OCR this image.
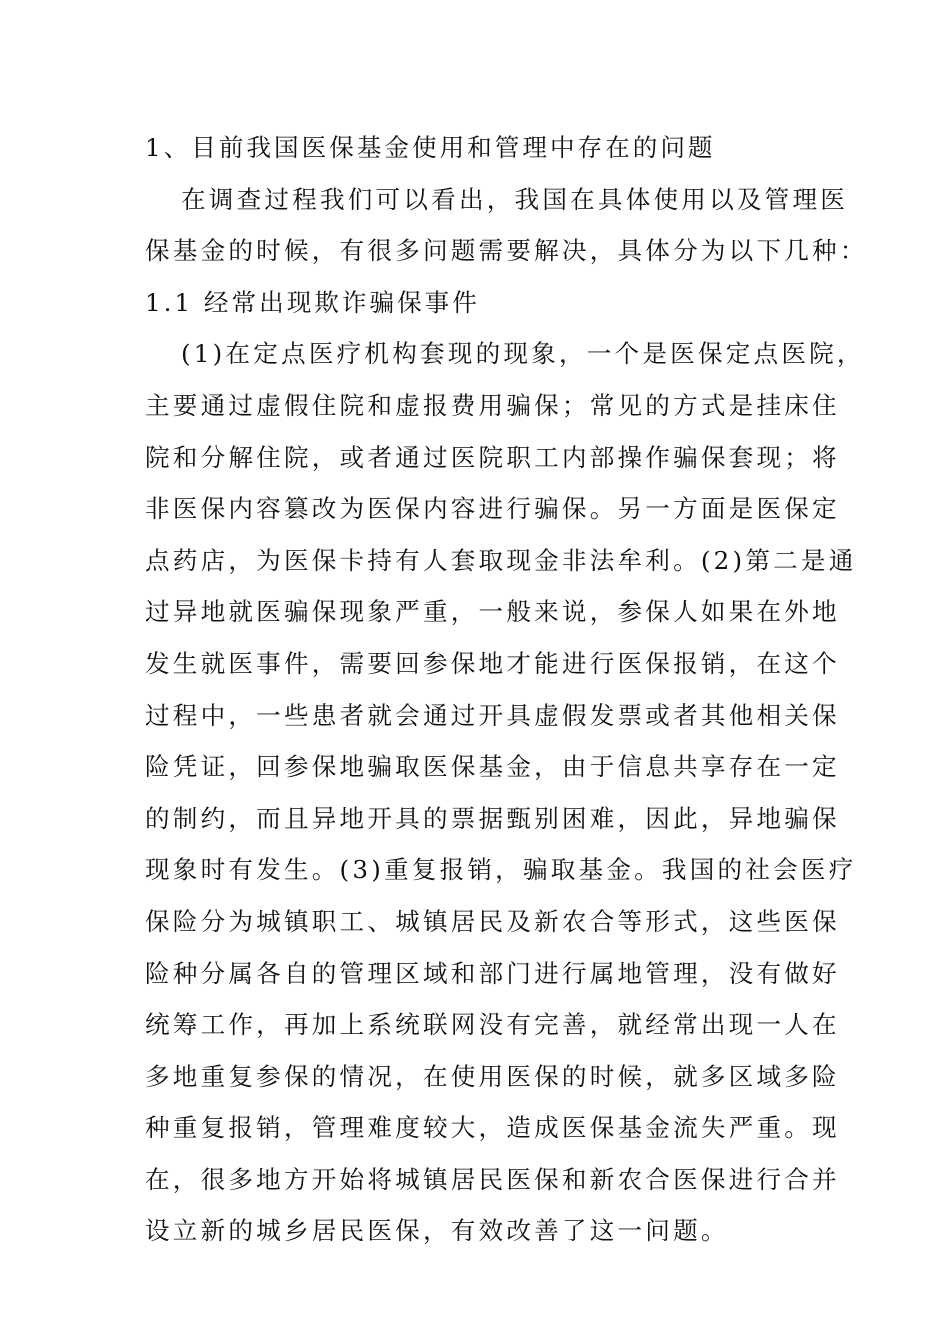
1、目前我国医保基金使用和管理中存在的问题
在调查过程我们可以看出，我国在具体使用以及管理医
保基金的时候，有很多问题需要解决，具体分为以下几种：
1.1 经常出现欺诈骗保事件
(1)在定点医疗机构套现的现象，一个是医保定点医院，
主要通过虚假住院和虚报费用骗保；常见的方式是挂床住
院和分解住院，或者通过医院职工内部操作骗保套现；将
非医保内容篡改为医保内容进行骗保。另一方面是医保定
点药店，为医保卡持有人套取现金非法牟利。(2)第二是通
过异地就医骗保现象严重，一般来说，参保人如果在外地
发生就医事件，需要回参保地才能进行医保报销，在这个
过程中，一些患者就会通过开具虚假发票或者其他相关保
险凭证，回参保地骗取医保基金，由于信息共享存在一定
的制约，而且异地开具的票据甄别困难，因此，异地骗保
现象时有发生。(3)重复报销，骗取基金。我国的社会医疗
保险分为城镇职工、城镇居民及新农合等形式，这些医保
险种分属各自的管理区域和部门进行属地管理，没有做好
统筹工作，再加上系统联网没有完善，就经常出现一人在
多地重复参保的情况，在使用医保的时候，就多区域多险
种重复报销，管理难度较大，造成医保基金流失严重。现
在，很多地方开始将城镇居民医保和新农合医保进行合并
设立新的城乡居民医保，有效改善了这一问题。
